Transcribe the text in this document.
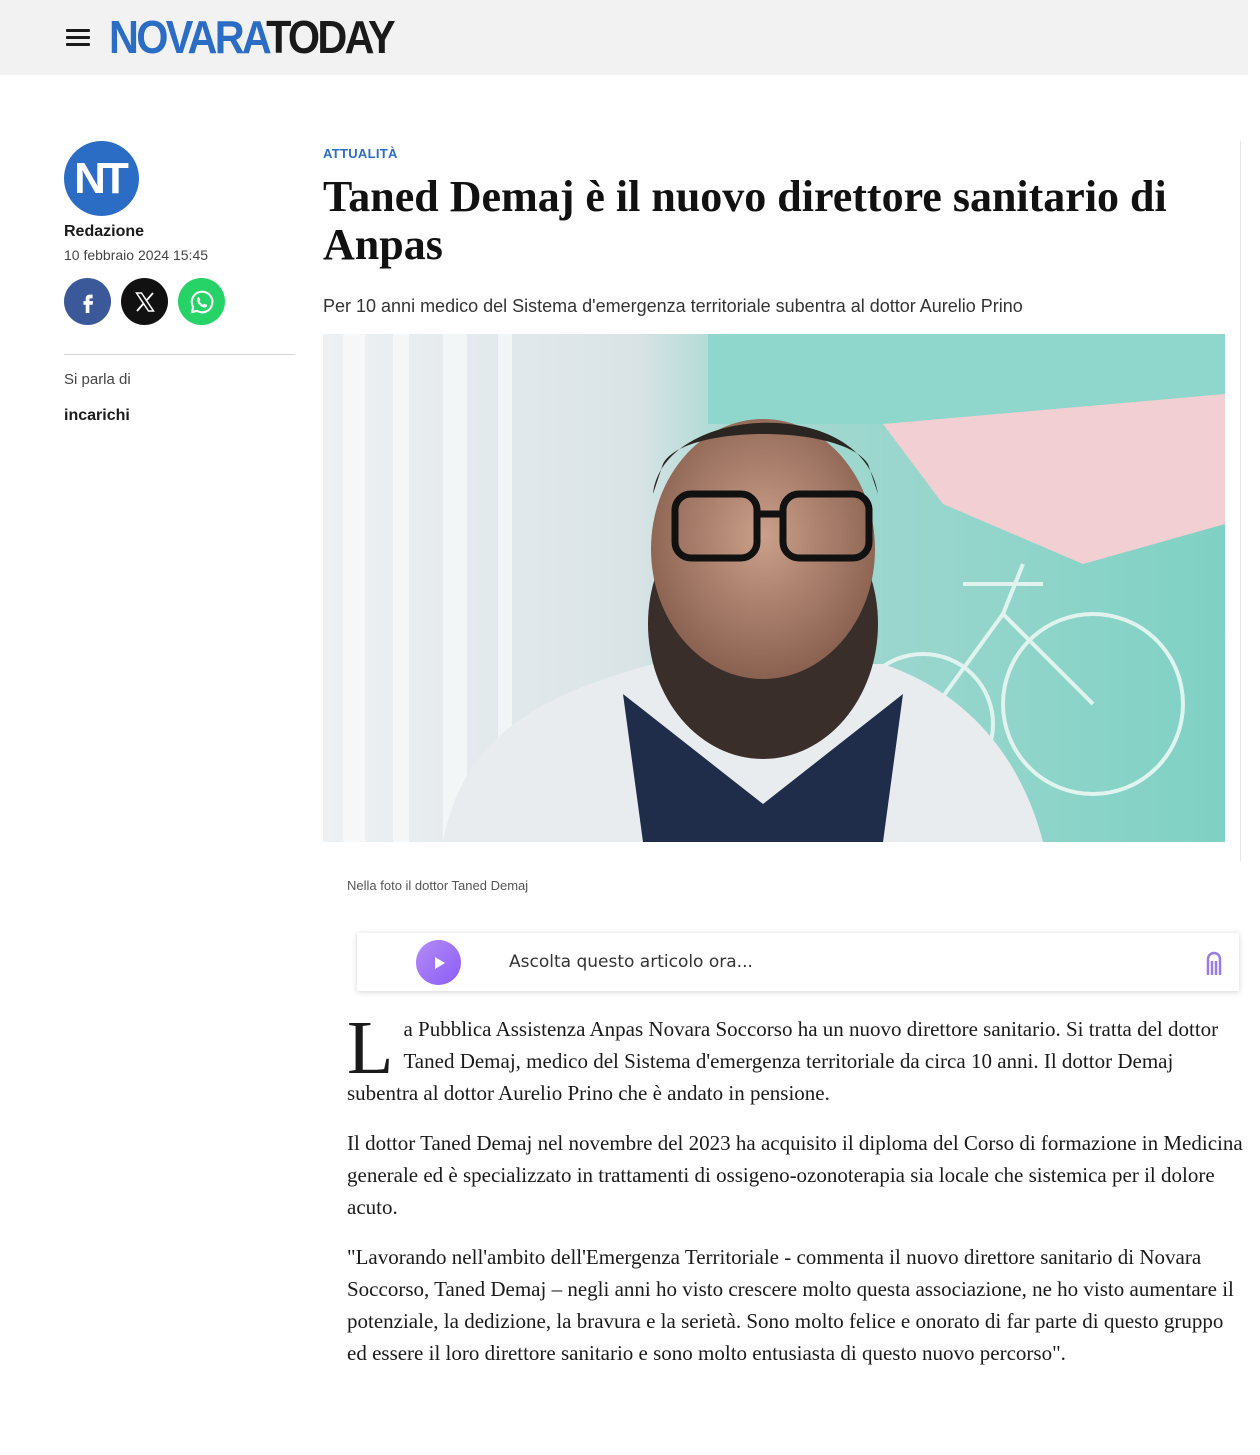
NOVARATODAY
NT
Redazione
10 febbraio 2024 15:45
Si parla di
incarichi
ATTUALITÀ
Taned Demaj è il nuovo direttore sanitario di Anpas
Per 10 anni medico del Sistema d'emergenza territoriale subentra al dottor Aurelio Prino
Nella foto il dottor Taned Demaj
Ascolta questo articolo ora...

La Pubblica Assistenza Anpas Novara Soccorso ha un nuovo direttore sanitario. Si tratta del dottor Taned Demaj, medico del Sistema d'emergenza territoriale da circa 10 anni. Il dottor Demaj subentra al dottor Aurelio Prino che è andato in pensione.

Il dottor Taned Demaj nel novembre del 2023 ha acquisito il diploma del Corso di formazione in Medicina generale ed è specializzato in trattamenti di ossigeno-ozonoterapia sia locale che sistemica per il dolore acuto.

"Lavorando nell'ambito dell'Emergenza Territoriale - commenta il nuovo direttore sanitario di Novara Soccorso, Taned Demaj – negli anni ho visto crescere molto questa associazione, ne ho visto aumentare il potenziale, la dedizione, la bravura e la serietà. Sono molto felice e onorato di far parte di questo gruppo ed essere il loro direttore sanitario e sono molto entusiasta di questo nuovo percorso".
